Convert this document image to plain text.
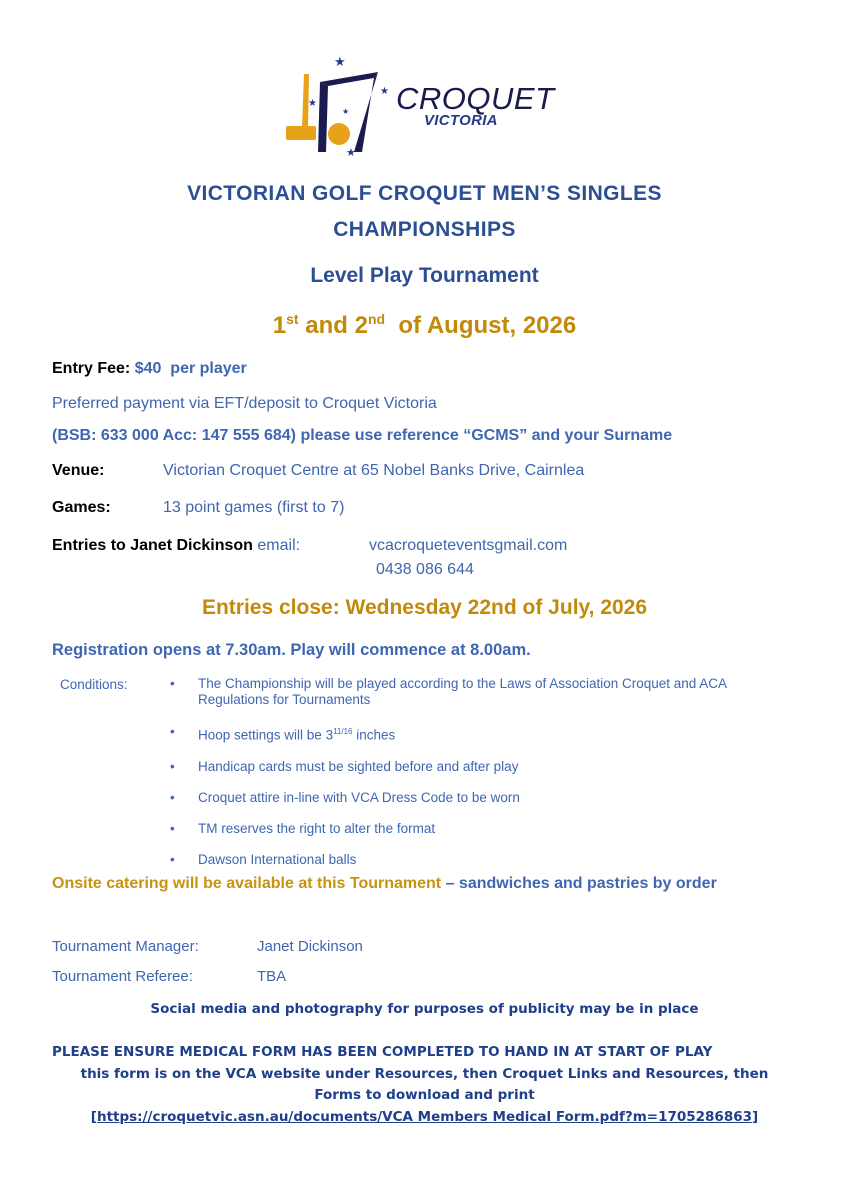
★
★
★
★
★
CROQUET
VICTORIA
VICTORIAN GOLF CROQUET MEN’S SINGLES
CHAMPIONSHIPS
Level Play Tournament
1st and 2nd  of August, 2026
Entry Fee: $40  per player
Preferred payment via EFT/deposit to Croquet Victoria
(BSB: 633 000 Acc: 147 555 684) please use reference “GCMS” and your Surname
Venue:	Victorian Croquet Centre at 65 Nobel Banks Drive, Cairnlea
Games:	13 point games (first to 7)
Entries to Janet Dickinson email:	vcacroqueteventsgmail.com
0438 086 644
Entries close: Wednesday 22nd of July, 2026
Registration opens at 7.30am. Play will commence at 8.00am.
Conditions:
•	The Championship will be played according to the Laws of Association Croquet and ACA Regulations for Tournaments
• Hoop settings will be $3^{11/16}$ inches
• Handicap cards must be sighted before and after play
• Croquet attire in-line with VCA Dress Code to be worn
• TM reserves the right to alter the format
• Dawson International balls
Onsite catering will be available at this Tournament – sandwiches and pastries by order
Tournament Manager:	Janet Dickinson
Tournament Referee:	TBA
Social media and photography for purposes of publicity may be in place
PLEASE ENSURE MEDICAL FORM HAS BEEN COMPLETED TO HAND IN AT START OF PLAY
this form is on the VCA website under Resources, then Croquet Links and Resources, then
Forms to download and print
[https://croquetvic.asn.au/documents/VCA Members Medical Form.pdf?m=1705286863]
